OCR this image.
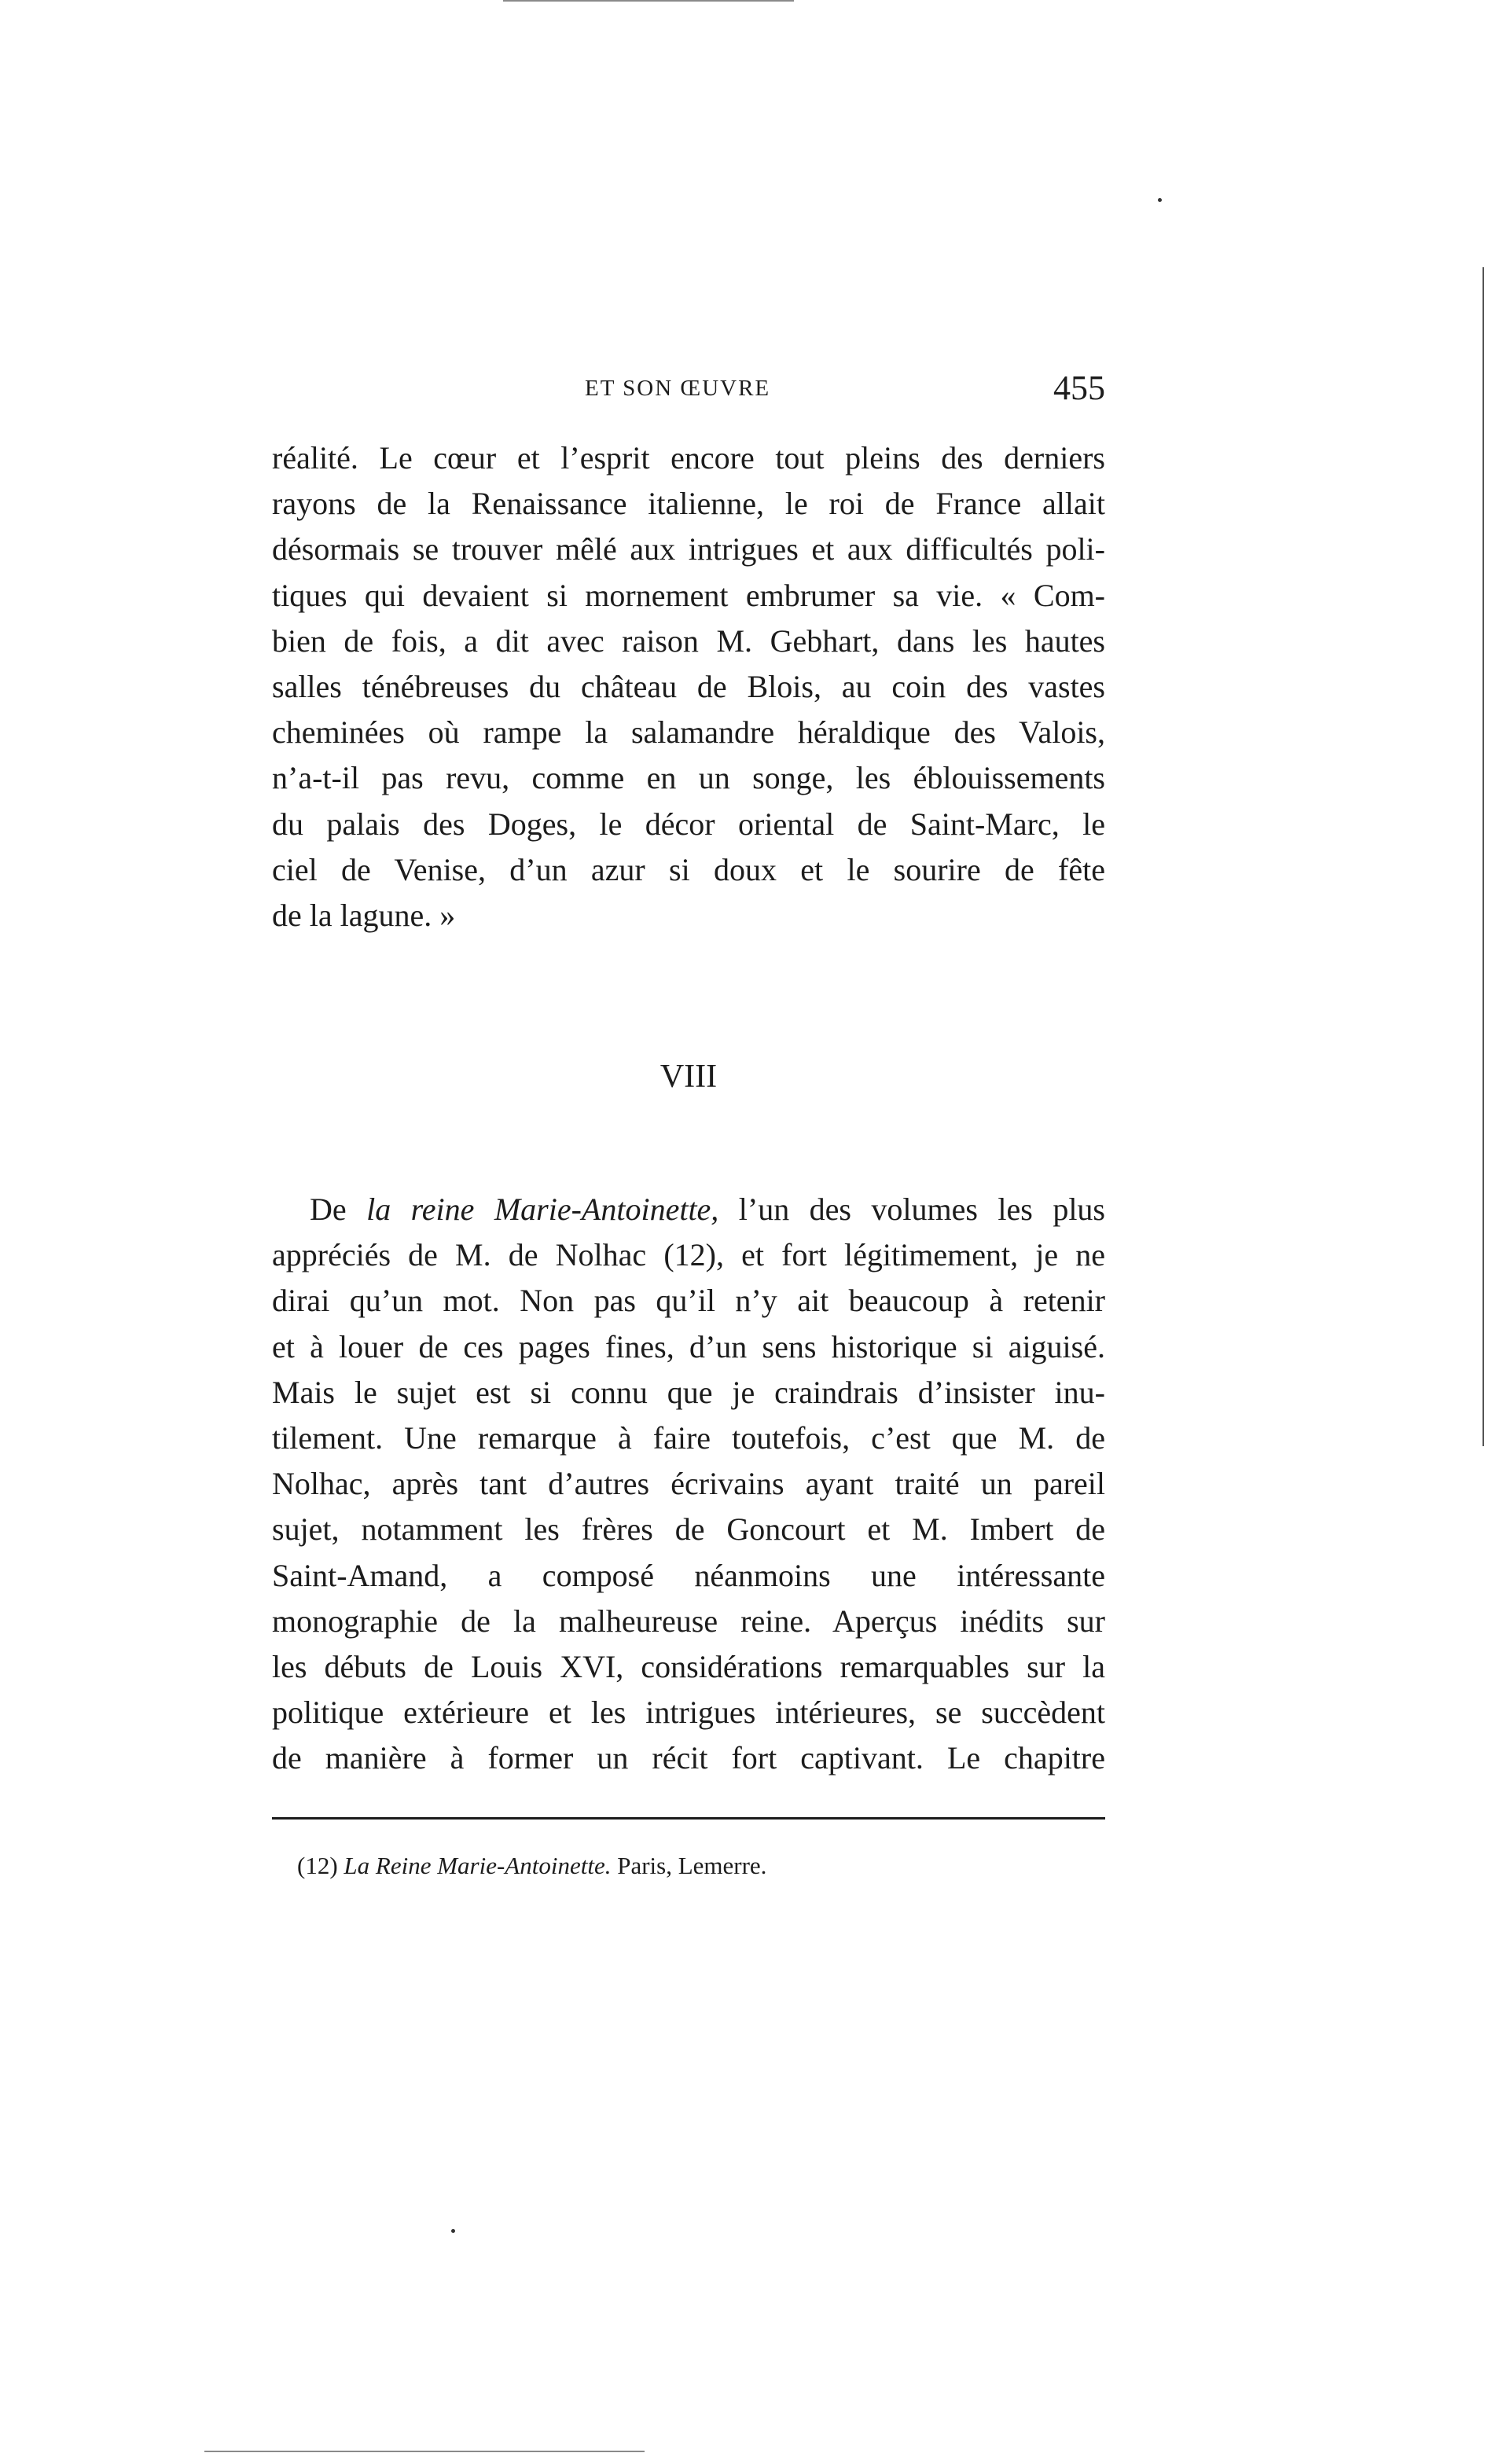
ET SON ŒUVRE	455
réalité. Le cœur et l’esprit encore tout pleins des derniers
rayons de la Renaissance italienne, le roi de France allait
désormais se trouver mêlé aux intrigues et aux difficultés poli-
tiques qui devaient si mornement embrumer sa vie. « Com-
bien de fois, a dit avec raison M. Gebhart, dans les hautes
salles ténébreuses du château de Blois, au coin des vastes
cheminées où rampe la salamandre héraldique des Valois,
n’a-t-il pas revu, comme en un songe, les éblouissements
du palais des Doges, le décor oriental de Saint-Marc, le
ciel de Venise, d’un azur si doux et le sourire de fête
de la lagune. »
VIII
De la reine Marie-Antoinette, l’un des volumes les plus
appréciés de M. de Nolhac (12), et fort légitimement, je ne
dirai qu’un mot. Non pas qu’il n’y ait beaucoup à retenir
et à louer de ces pages fines, d’un sens historique si aiguisé.
Mais le sujet est si connu que je craindrais d’insister inu-
tilement. Une remarque à faire toutefois, c’est que M. de
Nolhac, après tant d’autres écrivains ayant traité un pareil
sujet, notamment les frères de Goncourt et M. Imbert de
Saint-Amand, a composé néanmoins une intéressante
monographie de la malheureuse reine. Aperçus inédits sur
les débuts de Louis XVI, considérations remarquables sur la
politique extérieure et les intrigues intérieures, se succèdent
de manière à former un récit fort captivant. Le chapitre
(12) La Reine Marie-Antoinette. Paris, Lemerre.
